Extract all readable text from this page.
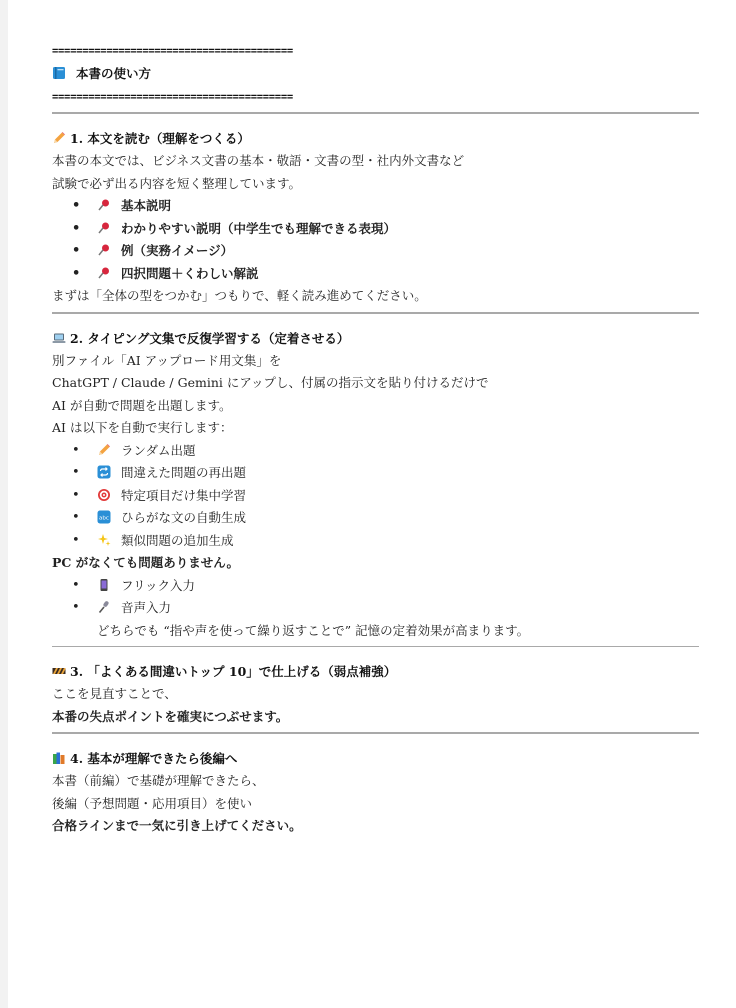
========================================
本書の使い方
========================================
1. 本文を読む（理解をつくる）
本書の本文では、ビジネス文書の基本・敬語・文書の型・社内外文書など
試験で必ず出る内容を短く整理しています。
• 基本説明
• わかりやすい説明（中学生でも理解できる表現）
• 例（実務イメージ）
• 四択問題＋くわしい解説
まずは「全体の型をつかむ」つもりで、軽く読み進めてください。
2. タイピング文集で反復学習する（定着させる）
別ファイル「AI アップロード用文集」を
ChatGPT / Claude / Gemini にアップし、付属の指示文を貼り付けるだけで
AI が自動で問題を出題します。
AI は以下を自動で実行します：
• ランダム出題
• 間違えた問題の再出題
• 特定項目だけ集中学習
• abc ひらがな文の自動生成
• 類似問題の追加生成
PC がなくても問題ありません。
• フリック入力
• 音声入力
どちらでも “指や声を使って繰り返すことで” 記憶の定着効果が高まります。
3. 「よくある間違いトップ 10」で仕上げる（弱点補強）
ここを見直すことで、
本番の失点ポイントを確実につぶせます。
4. 基本が理解できたら後編へ
本書（前編）で基礎が理解できたら、
後編（予想問題・応用項目）を使い
合格ラインまで一気に引き上げてください。
